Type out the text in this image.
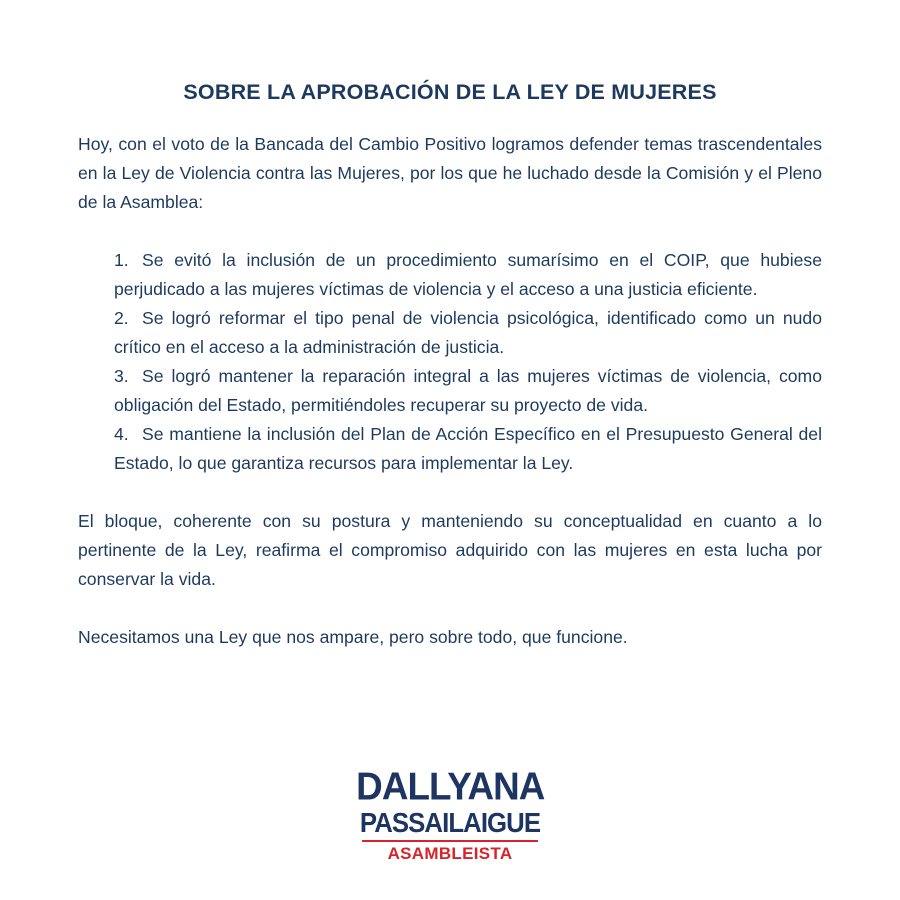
SOBRE LA APROBACIÓN DE LA LEY DE MUJERES

Hoy, con el voto de la Bancada del Cambio Positivo logramos defender temas trascendentales en la Ley de Violencia contra las Mujeres, por los que he luchado desde la Comisión y el Pleno de la Asamblea:

1. Se evitó la inclusión de un procedimiento sumarísimo en el COIP, que hubiese perjudicado a las mujeres víctimas de violencia y el acceso a una justicia eficiente.
2. Se logró reformar el tipo penal de violencia psicológica, identificado como un nudo crítico en el acceso a la administración de justicia.
3. Se logró mantener la reparación integral a las mujeres víctimas de violencia, como obligación del Estado, permitiéndoles recuperar su proyecto de vida.
4. Se mantiene la inclusión del Plan de Acción Específico en el Presupuesto General del Estado, lo que garantiza recursos para implementar la Ley.

El bloque, coherente con su postura y manteniendo su conceptualidad en cuanto a lo pertinente de la Ley, reafirma el compromiso adquirido con las mujeres en esta lucha por conservar la vida.

Necesitamos una Ley que nos ampare, pero sobre todo, que funcione.

DALLYANA
PASSAILAIGUE
ASAMBLEISTA
